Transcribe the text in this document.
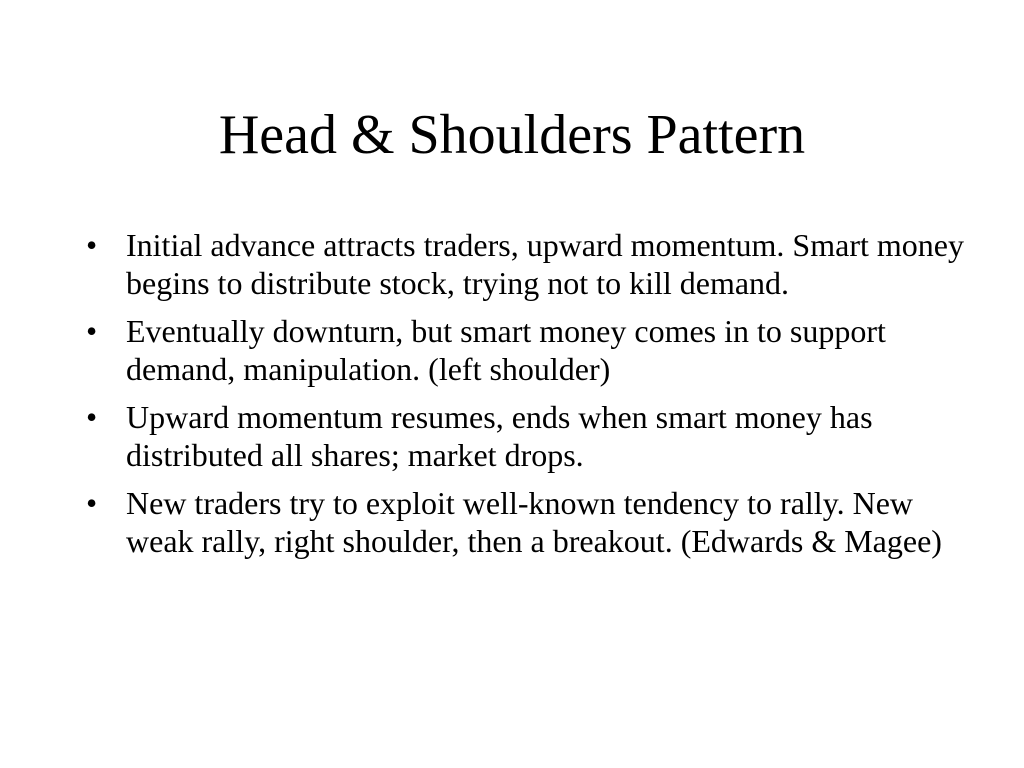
Head & Shoulders Pattern
• Initial advance attracts traders, upward momentum. Smart money begins to distribute stock, trying not to kill demand.
• Eventually downturn, but smart money comes in to support demand, manipulation. (left shoulder)
• Upward momentum resumes, ends when smart money has distributed all shares; market drops.
• New traders try to exploit well-known tendency to rally. New weak rally, right shoulder, then a breakout. (Edwards & Magee)
